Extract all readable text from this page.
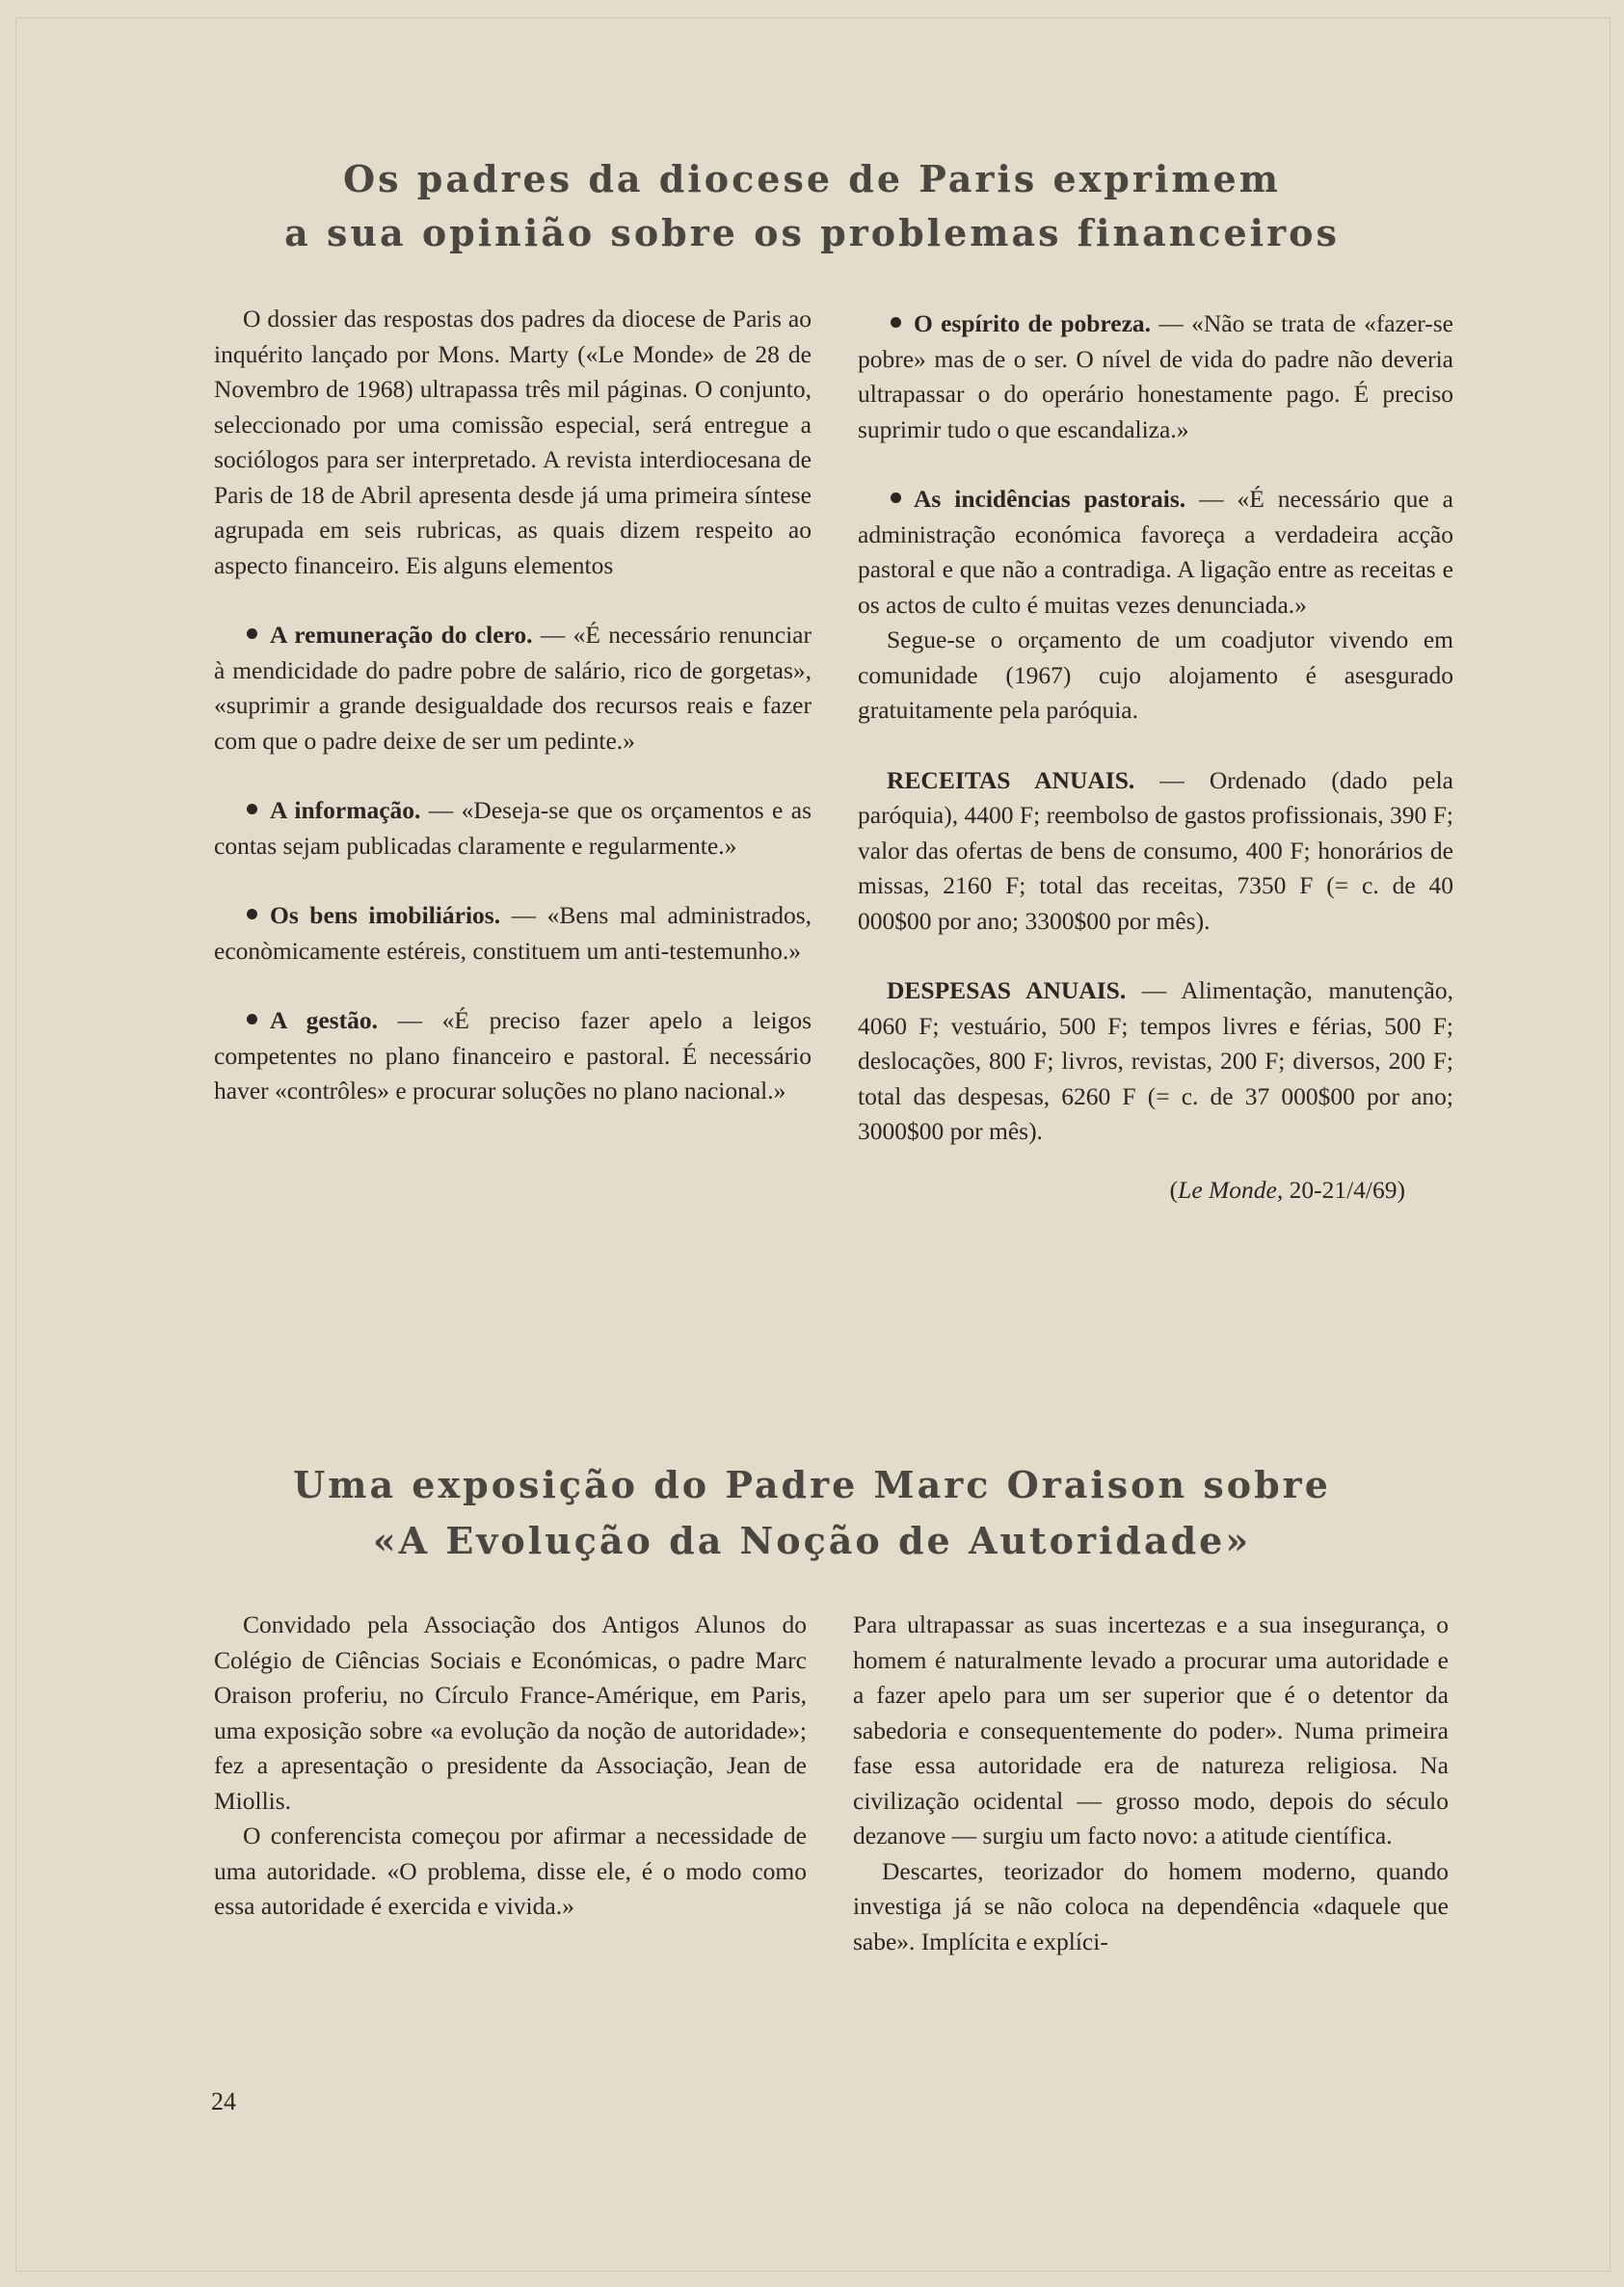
Os padres da diocese de Paris exprimem
a sua opinião sobre os problemas financeiros

O dossier das respostas dos padres da diocese de Paris ao inquérito lançado por Mons. Marty («Le Monde» de 28 de Novembro de 1968) ultrapassa três mil páginas. O conjunto, seleccionado por uma comissão especial, será entregue a sociólogos para ser interpretado. A revista interdiocesana de Paris de 18 de Abril apresenta desde já uma primeira síntese agrupada em seis rubricas, as quais dizem respeito ao aspecto financeiro. Eis alguns elementos

A remuneração do clero. — «É necessário renunciar à mendicidade do padre pobre de salário, rico de gorgetas», «suprimir a grande desigualdade dos recursos reais e fazer com que o padre deixe de ser um pedinte.»

A informação. — «Deseja-se que os orçamentos e as contas sejam publicadas claramente e regularmente.»

Os bens imobiliários. — «Bens mal administrados, econòmicamente estéreis, constituem um anti-testemunho.»

A gestão. — «É preciso fazer apelo a leigos competentes no plano financeiro e pastoral. É necessário haver «contrôles» e procurar soluções no plano nacional.»

O espírito de pobreza. — «Não se trata de «fazer-se pobre» mas de o ser. O nível de vida do padre não deveria ultrapassar o do operário honestamente pago. É preciso suprimir tudo o que escandaliza.»

As incidências pastorais. — «É necessário que a administração económica favoreça a verdadeira acção pastoral e que não a contradiga. A ligação entre as receitas e os actos de culto é muitas vezes denunciada.»

Segue-se o orçamento de um coadjutor vivendo em comunidade (1967) cujo alojamento é asesgurado gratuitamente pela paróquia.

RECEITAS ANUAIS. — Ordenado (dado pela paróquia), 4400 F; reembolso de gastos profissionais, 390 F; valor das ofertas de bens de consumo, 400 F; honorários de missas, 2160 F; total das receitas, 7350 F (= c. de 40 000$00 por ano; 3300$00 por mês).

DESPESAS ANUAIS. — Alimentação, manutenção, 4060 F; vestuário, 500 F; tempos livres e férias, 500 F; deslocações, 800 F; livros, revistas, 200 F; diversos, 200 F; total das despesas, 6260 F (= c. de 37 000$00 por ano; 3000$00 por mês).

(Le Monde, 20-21/4/69)

Uma exposição do Padre Marc Oraison sobre
«A Evolução da Noção de Autoridade»

Convidado pela Associação dos Antigos Alunos do Colégio de Ciências Sociais e Económicas, o padre Marc Oraison proferiu, no Círculo France-Amérique, em Paris, uma exposição sobre «a evolução da noção de autoridade»; fez a apresentação o presidente da Associação, Jean de Miollis.

O conferencista começou por afirmar a necessidade de uma autoridade. «O problema, disse ele, é o modo como essa autoridade é exercida e vivida.»

Para ultrapassar as suas incertezas e a sua insegurança, o homem é naturalmente levado a procurar uma autoridade e a fazer apelo para um ser superior que é o detentor da sabedoria e consequentemente do poder». Numa primeira fase essa autoridade era de natureza religiosa. Na civilização ocidental — grosso modo, depois do século dezanove — surgiu um facto novo: a atitude científica.

Descartes, teorizador do homem moderno, quando investiga já se não coloca na dependência «daquele que sabe». Implícita e explíci-

24
